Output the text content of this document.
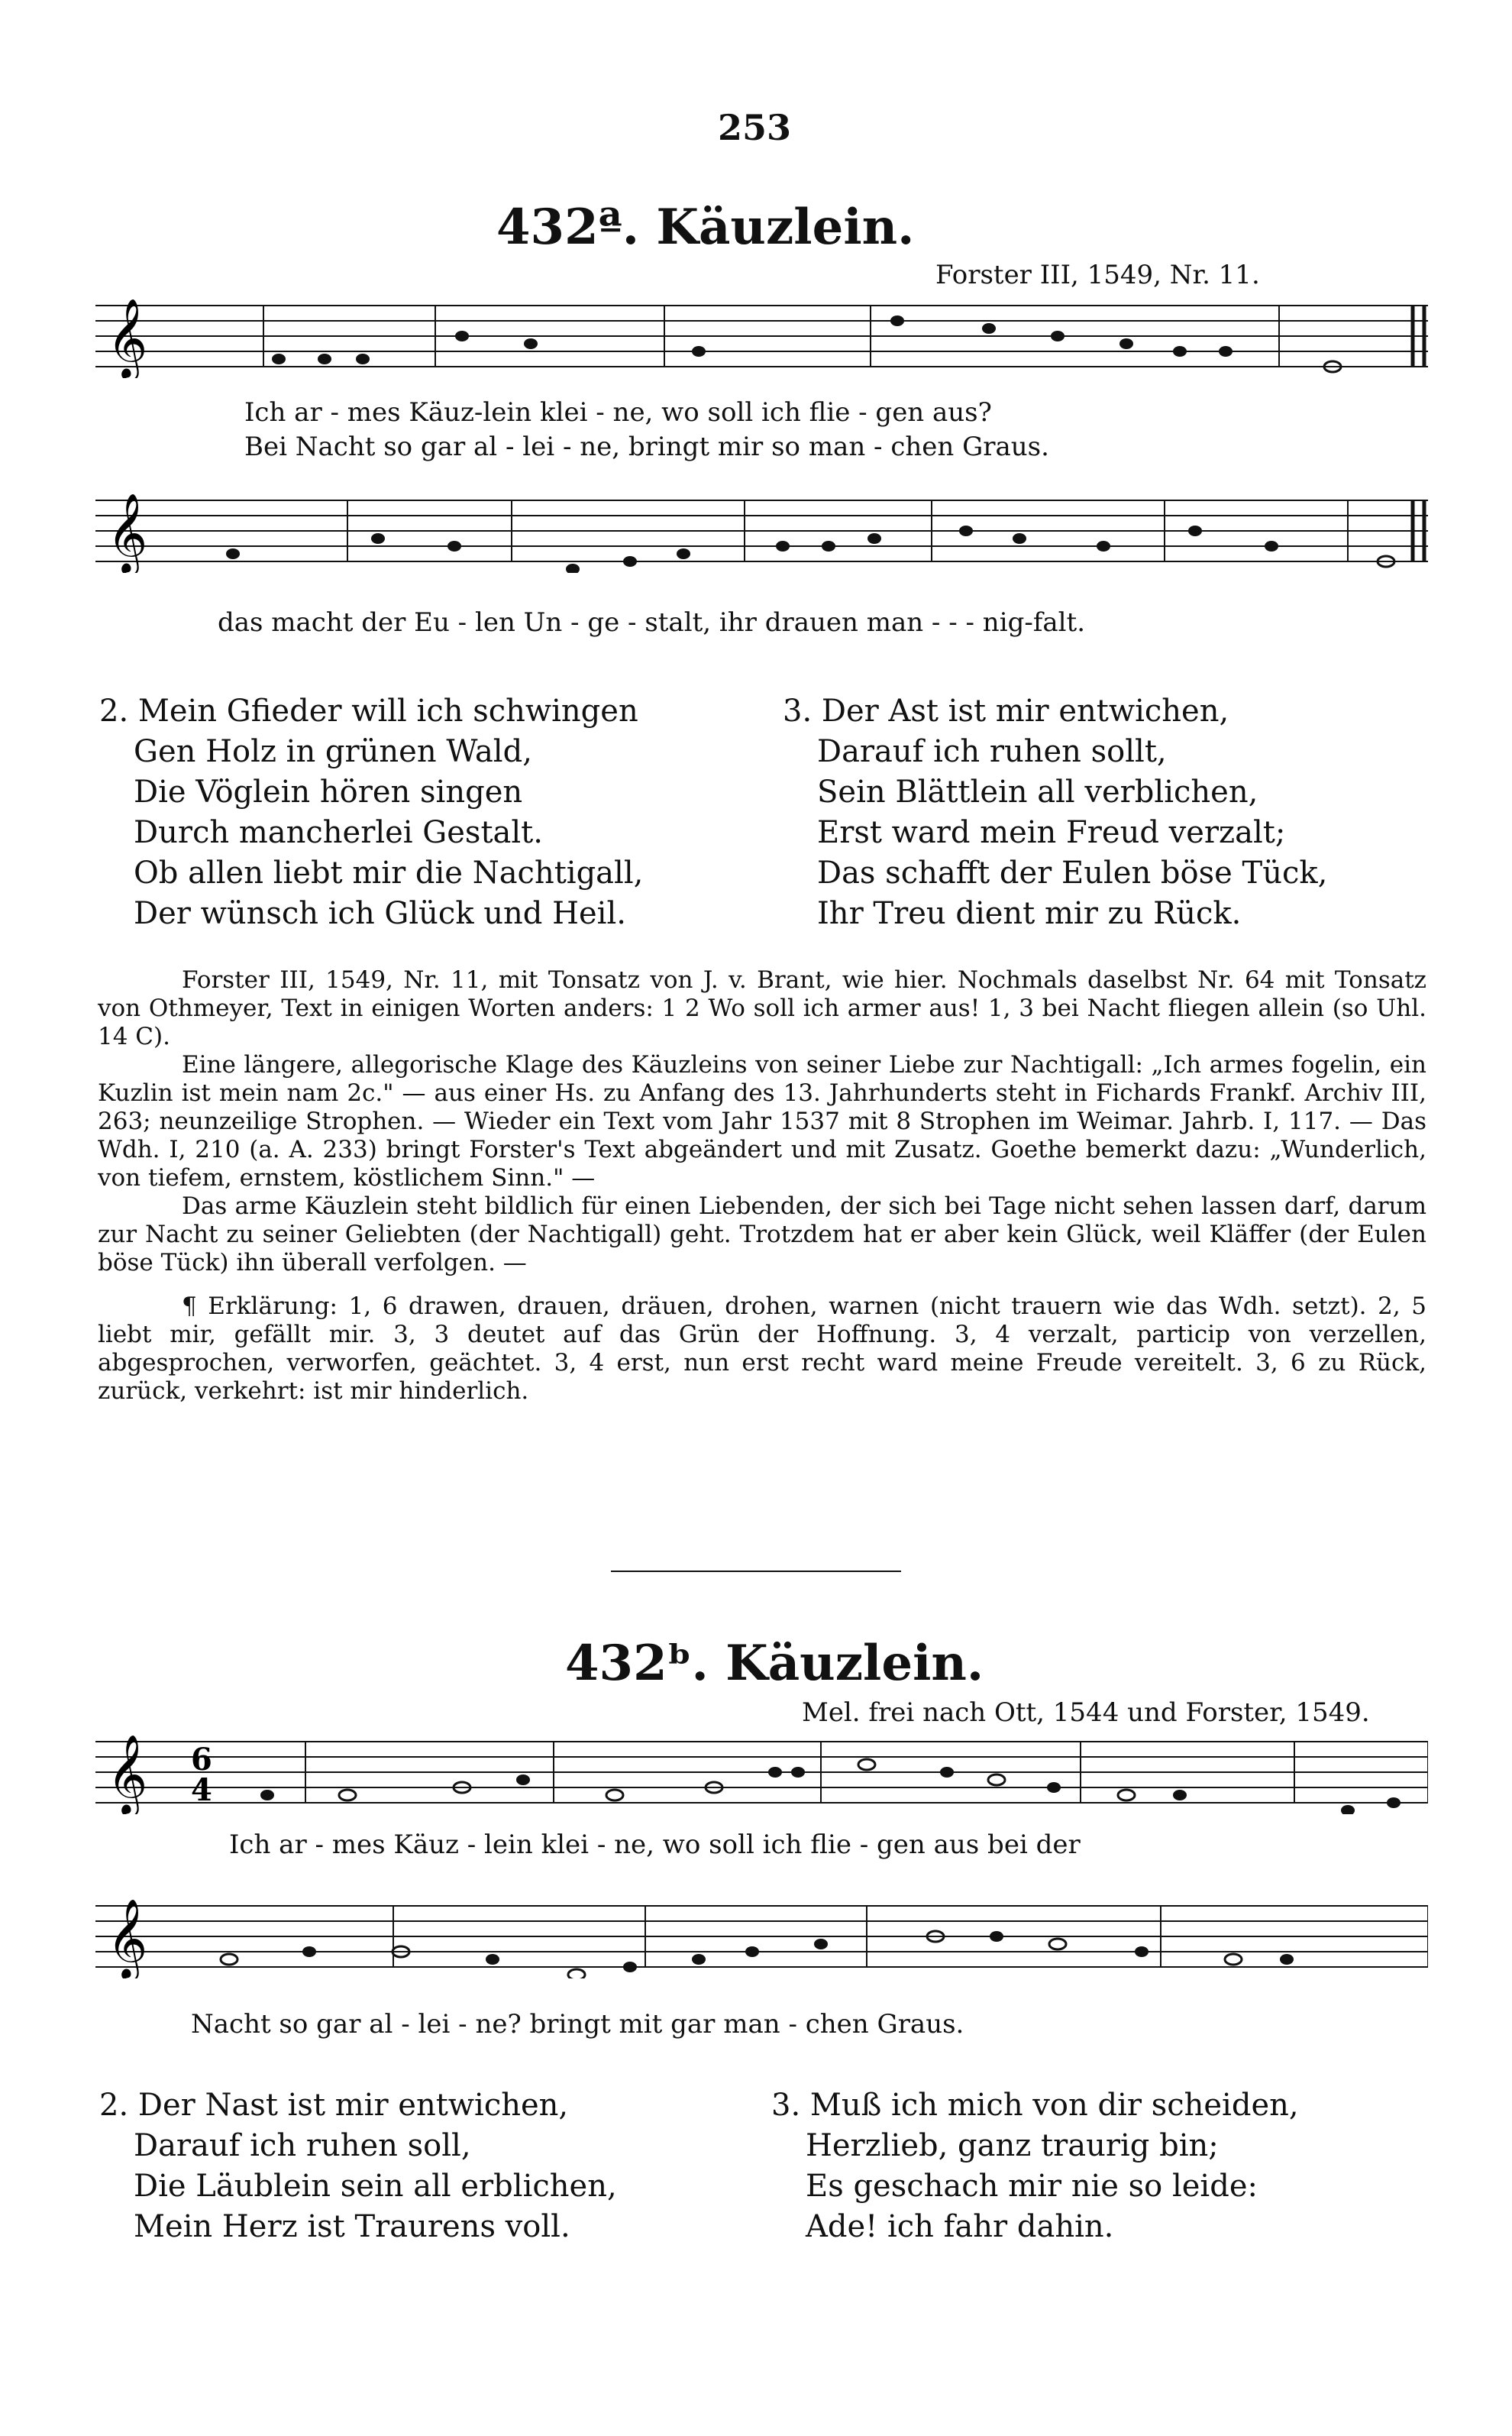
253
432ª. Käuzlein.
Forster III, 1549, Nr. 11.
𝄞
Ich ar - mes Käuz-lein klei - ne, wo soll ich flie - gen aus?
Bei Nacht so gar al - lei - ne, bringt mir so man - chen Graus.
𝄞
das macht der Eu - len Un - ge - stalt, ihr drauen man - - - nig-falt.
2. Mein Gfieder will ich schwingen
Gen Holz in grünen Wald,
Die Vöglein hören singen
Durch mancherlei Gestalt.
Ob allen liebt mir die Nachtigall,
Der wünsch ich Glück und Heil.
3. Der Ast ist mir entwichen,
Darauf ich ruhen sollt,
Sein Blättlein all verblichen,
Erst ward mein Freud verzalt;
Das schafft der Eulen böse Tück,
Ihr Treu dient mir zu Rück.
Forster III, 1549, Nr. 11, mit Tonsatz von J. v. Brant, wie hier. Nochmals daselbst Nr. 64 mit Tonsatz von Othmeyer, Text in einigen Worten anders: 1 2 Wo soll ich armer aus! 1, 3 bei Nacht fliegen allein (so Uhl. 14 C).
Eine längere, allegorische Klage des Käuzleins von seiner Liebe zur Nachtigall: „Ich armes fogelin, ein Kuzlin ist mein nam 2c." — aus einer Hs. zu Anfang des 13. Jahrhunderts steht in Fichards Frankf. Archiv III, 263; neunzeilige Strophen. — Wieder ein Text vom Jahr 1537 mit 8 Strophen im Weimar. Jahrb. I, 117. — Das Wdh. I, 210 (a. A. 233) bringt Forster's Text abgeändert und mit Zusatz. Goethe bemerkt dazu: „Wunderlich, von tiefem, ernstem, köstlichem Sinn." —
Das arme Käuzlein steht bildlich für einen Liebenden, der sich bei Tage nicht sehen lassen darf, darum zur Nacht zu seiner Geliebten (der Nachtigall) geht. Trotzdem hat er aber kein Glück, weil Kläffer (der Eulen böse Tück) ihn überall verfolgen. —
¶ Erklärung: 1, 6 drawen, drauen, dräuen, drohen, warnen (nicht trauern wie das Wdh. setzt). 2, 5 liebt mir, gefällt mir. 3, 3 deutet auf das Grün der Hoffnung. 3, 4 verzalt, particip von verzellen, abgesprochen, verworfen, geächtet. 3, 4 erst, nun erst recht ward meine Freude vereitelt. 3, 6 zu Rück, zurück, verkehrt: ist mir hinderlich.
432ᵇ. Käuzlein.
Mel. frei nach Ott, 1544 und Forster, 1549.
𝄞 6
4
Ich ar - mes Käuz - lein klei - ne, wo soll ich flie - gen aus bei der
𝄞
Nacht so gar al - lei - ne? bringt mit gar man - chen Graus.
2. Der Nast ist mir entwichen,
Darauf ich ruhen soll,
Die Läublein sein all erblichen,
Mein Herz ist Traurens voll.
3. Muß ich mich von dir scheiden,
Herzlieb, ganz traurig bin;
Es geschach mir nie so leide:
Ade! ich fahr dahin.
